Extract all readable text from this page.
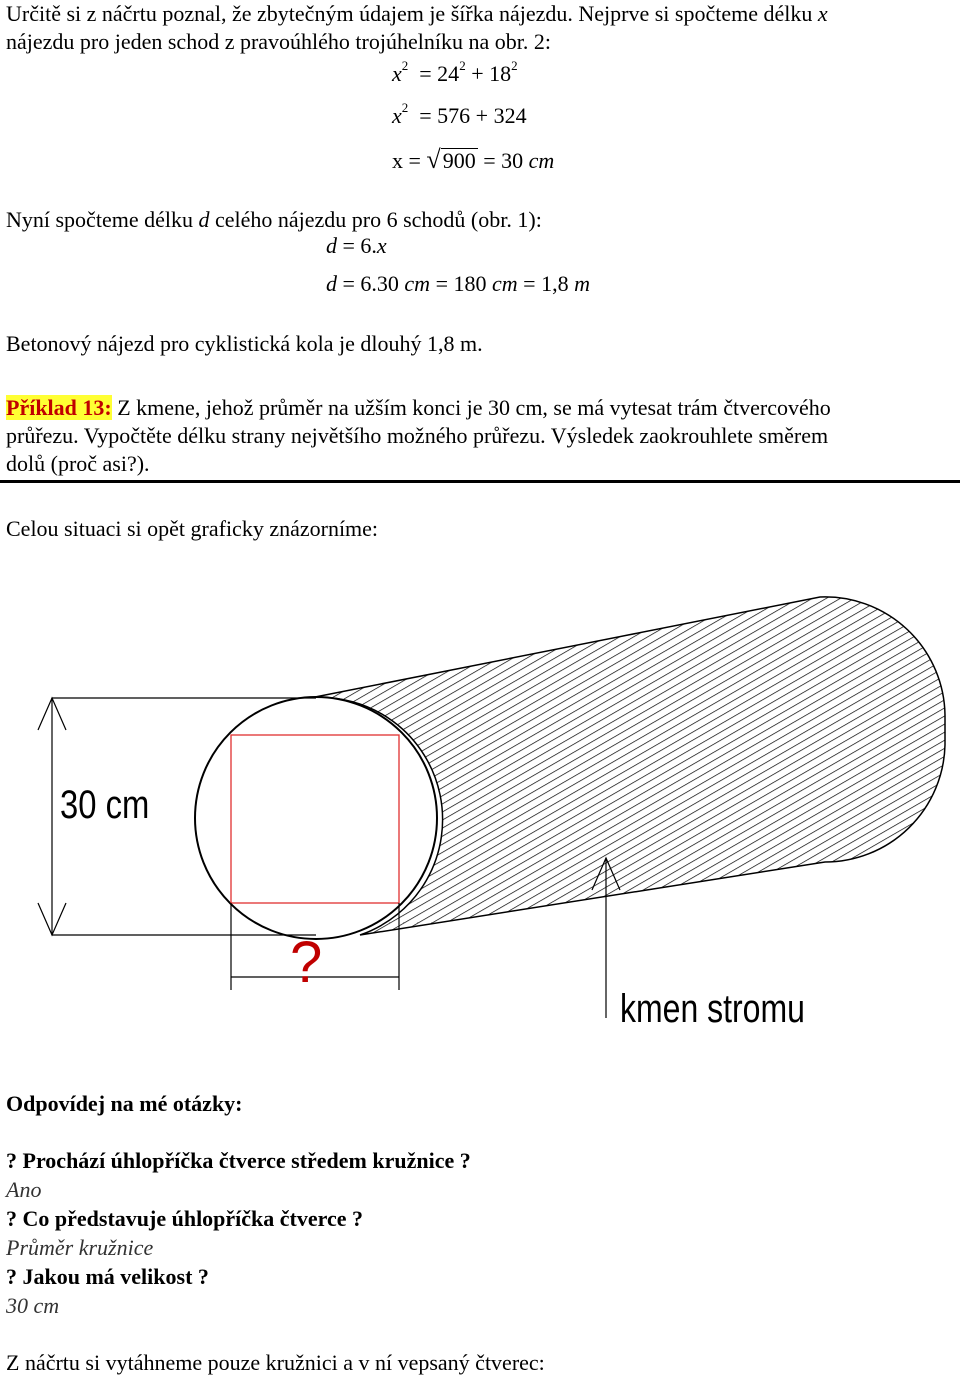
Určitě si z náčrtu poznal, že zbytečným údajem je šířka nájezdu. Nejprve si spočteme délku x
nájezdu pro jeden schod z pravoúhlého trojúhelníku na obr. 2:
$x^2 = 24^2 + 18^2$
$x^2 = 576 + 324$
x = √900 = 30 cm
Nyní spočteme délku d celého nájezdu pro 6 schodů (obr. 1):
d = 6.x
d = 6.30 cm = 180 cm = 1,8 m
Betonový nájezd pro cyklistická kola je dlouhý 1,8 m.
Příklad 13: Z kmene, jehož průměr na užším konci je 30 cm, se má vytesat trám čtvercového
průřezu. Vypočtěte délku strany největšího možného průřezu. Výsledek zaokrouhlete směrem
dolů (proč asi?).
Celou situaci si opět graficky znázorníme:
30 cm
?
kmen stromu
Odpovídej na mé otázky:
? Prochází úhlopříčka čtverce středem kružnice ?
Ano
? Co představuje úhlopříčka čtverce ?
Průměr kružnice
? Jakou má velikost ?
30 cm
Z náčrtu si vytáhneme pouze kružnici a v ní vepsaný čtverec:
